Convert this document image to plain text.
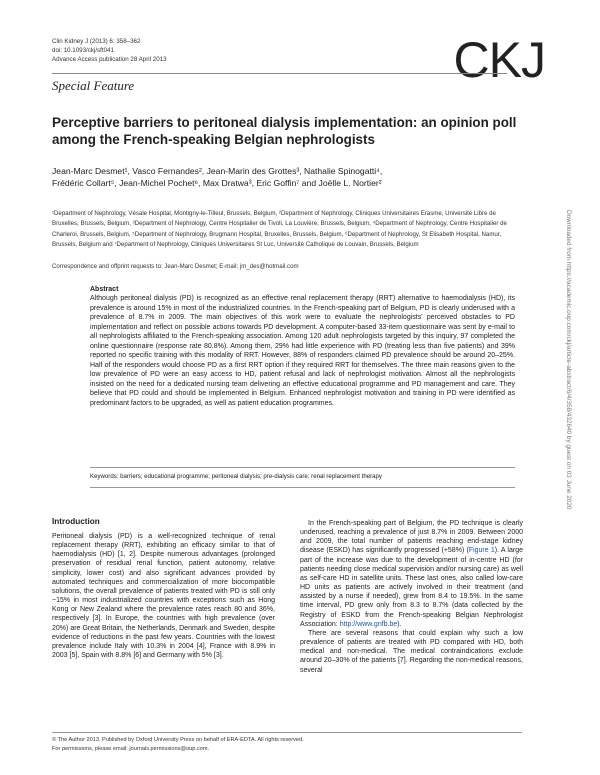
Clin Kidney J (2013) 6: 358–362
doi: 10.1093/ckj/sft041
Advance Access publication 28 April 2013	CKJ
Special Feature
Perceptive barriers to peritoneal dialysis implementation: an opinion poll among the French-speaking Belgian nephrologists
Jean-Marc Desmet¹, Vasco Fernandes², Jean-Marin des Grottes³, Nathalie Spinogatti⁴,
Frédéric Collart⁵, Jean-Michel Pochet⁶, Max Dratwa³, Eric Goffin⁷ and Joëlle L. Nortier²
¹Department of Nephrology, Vésale Hospital, Montigny-le-Tilleul, Brussels, Belgium, ²Department of Nephrology, Cliniques Universitaires Erasme, Université Libre de Bruxelles, Brussels, Belgium, ³Department of Nephrology, Centre Hospitalier de Tivoli, La Louvière, Brussels, Belgium, ⁴Department of Nephrology, Centre Hospitalier de Charleroi, Brussels, Belgium, ⁵Department of Nephrology, Brugmann Hospital, Bruxelles, Brussels, Belgium, ⁶Department of Nephrology, St Elisabeth Hospital, Namur, Brussels, Belgium and ⁷Department of Nephrology, Cliniques Universitaires St Luc, Université Catholique de Louvain, Brussels, Belgium
Correspondence and offprint requests to: Jean-Marc Desmet; E-mail: jm_des@hotmail.com
Abstract
Although peritoneal dialysis (PD) is recognized as an effective renal replacement therapy (RRT) alternative to haemodialysis (HD), its prevalence is around 15% in most of the industrialized countries. In the French-speaking part of Belgium, PD is clearly underused with a prevalence of 8.7% in 2009. The main objectives of this work were to evaluate the nephrologists' perceived obstacles to PD implementation and reflect on possible actions towards PD development. A computer-based 33-item questionnaire was sent by e-mail to all nephrologists affiliated to the French-speaking association. Among 120 adult nephrologists targeted by this inquiry, 97 completed the online questionnaire (response rate 80.8%). Among them, 29% had little experience with PD (treating less than five patients) and 39% reported no specific training with this modality of RRT. However, 88% of responders claimed PD prevalence should be around 20–25%. Half of the responders would choose PD as a first RRT option if they required RRT for themselves. The three main reasons given to the low prevalence of PD were an easy access to HD, patient refusal and lack of nephrologist motivation. Almost all the nephrologists insisted on the need for a dedicated nursing team delivering an effective educational programme and PD management and care. They believe that PD could and should be implemented in Belgium. Enhanced nephrologist motivation and training in PD were identified as predominant factors to be upgraded, as well as patient education programmes.
Keywords: barriers; educational programme; peritoneal dialysis; pre-dialysis care; renal replacement therapy
Introduction

Peritoneal dialysis (PD) is a well-recognized technique of renal replacement therapy (RRT), exhibiting an efficacy similar to that of haemodialysis (HD) [1, 2]. Despite numerous advantages (prolonged preservation of residual renal function, patient autonomy, relative simplicity, lower cost) and also significant advances provided by automated techniques and commercialization of more biocompatible solutions, the overall prevalence of patients treated with PD is still only ~15% in most industrialized countries with exceptions such as Hong Kong or New Zealand where the prevalence rates reach 80 and 36%, respectively [3]. In Europe, the countries with high prevalence (over 20%) are Great Britain, the Netherlands, Denmark and Sweden, despite evidence of reductions in the past few years. Countries with the lowest prevalence include Italy with 10.3% in 2004 [4], France with 8.9% in 2003 [5], Spain with 8.8% [6] and Germany with 5% [3].

In the French-speaking part of Belgium, the PD technique is clearly underused, reaching a prevalence of just 8.7% in 2009. Between 2000 and 2009, the total number of patients reaching end-stage kidney disease (ESKD) has significantly progressed (+58%) (Figure 1). A large part of the increase was due to the development of in-centre HD (for patients needing close medical supervision and/or nursing care) as well as self-care HD in satellite units. These last ones, also called low-care HD units as patients are actively involved in their treatment (and assisted by a nurse if needed), grew from 8.4 to 19.5%. In the same time interval, PD grew only from 8.3 to 8.7% (data collected by the Registry of ESKD from the French-speaking Belgian Nephrologist Association: http://www.gnfb.be).

There are several reasons that could explain why such a low prevalence of patients are treated with PD compared with HD, both medical and non-medical. The medical contraindications exclude around 20–30% of the patients [7]. Regarding the non-medical reasons, several

© The Author 2013. Published by Oxford University Press on behalf of ERA-EDTA. All rights reserved.
For permissions, please email: journals.permissions@oup.com.
Downloaded from https://academic.oup.com/ckj/article-abstract/6/4/358/432640 by guest on 03 June 2020
